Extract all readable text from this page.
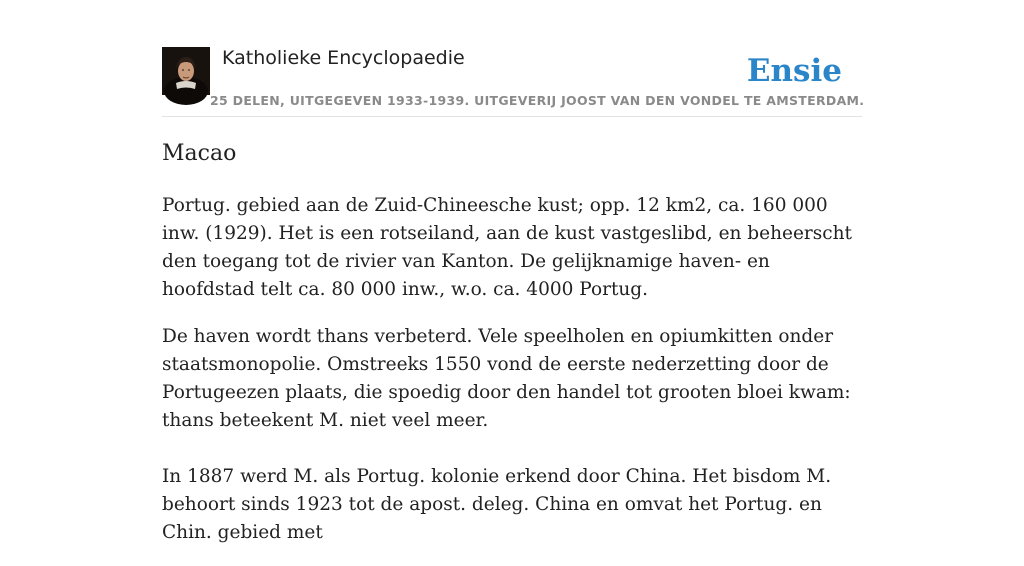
Katholieke Encyclopaedie	Ensie
25 DELEN, UITGEGEVEN 1933-1939. UITGEVERIJ JOOST VAN DEN VONDEL TE AMSTERDAM.
Macao

Portug. gebied aan de Zuid-Chineesche kust; opp. 12 km2, ca. 160 000 inw. (1929). Het is een rotseiland, aan de kust vastgeslibd, en beheerscht den toegang tot de rivier van Kanton. De gelijknamige haven- en hoofdstad telt ca. 80 000 inw., w.o. ca. 4000 Portug.

De haven wordt thans verbeterd. Vele speelholen en opiumkitten onder staatsmonopolie. Omstreeks 1550 vond de eerste nederzetting door de Portugeezen plaats, die spoedig door den handel tot grooten bloei kwam: thans beteekent M. niet veel meer.

In 1887 werd M. als Portug. kolonie erkend door China. Het bisdom M. behoort sinds 1923 tot de apost. deleg. China en omvat het Portug. en Chin. gebied met
